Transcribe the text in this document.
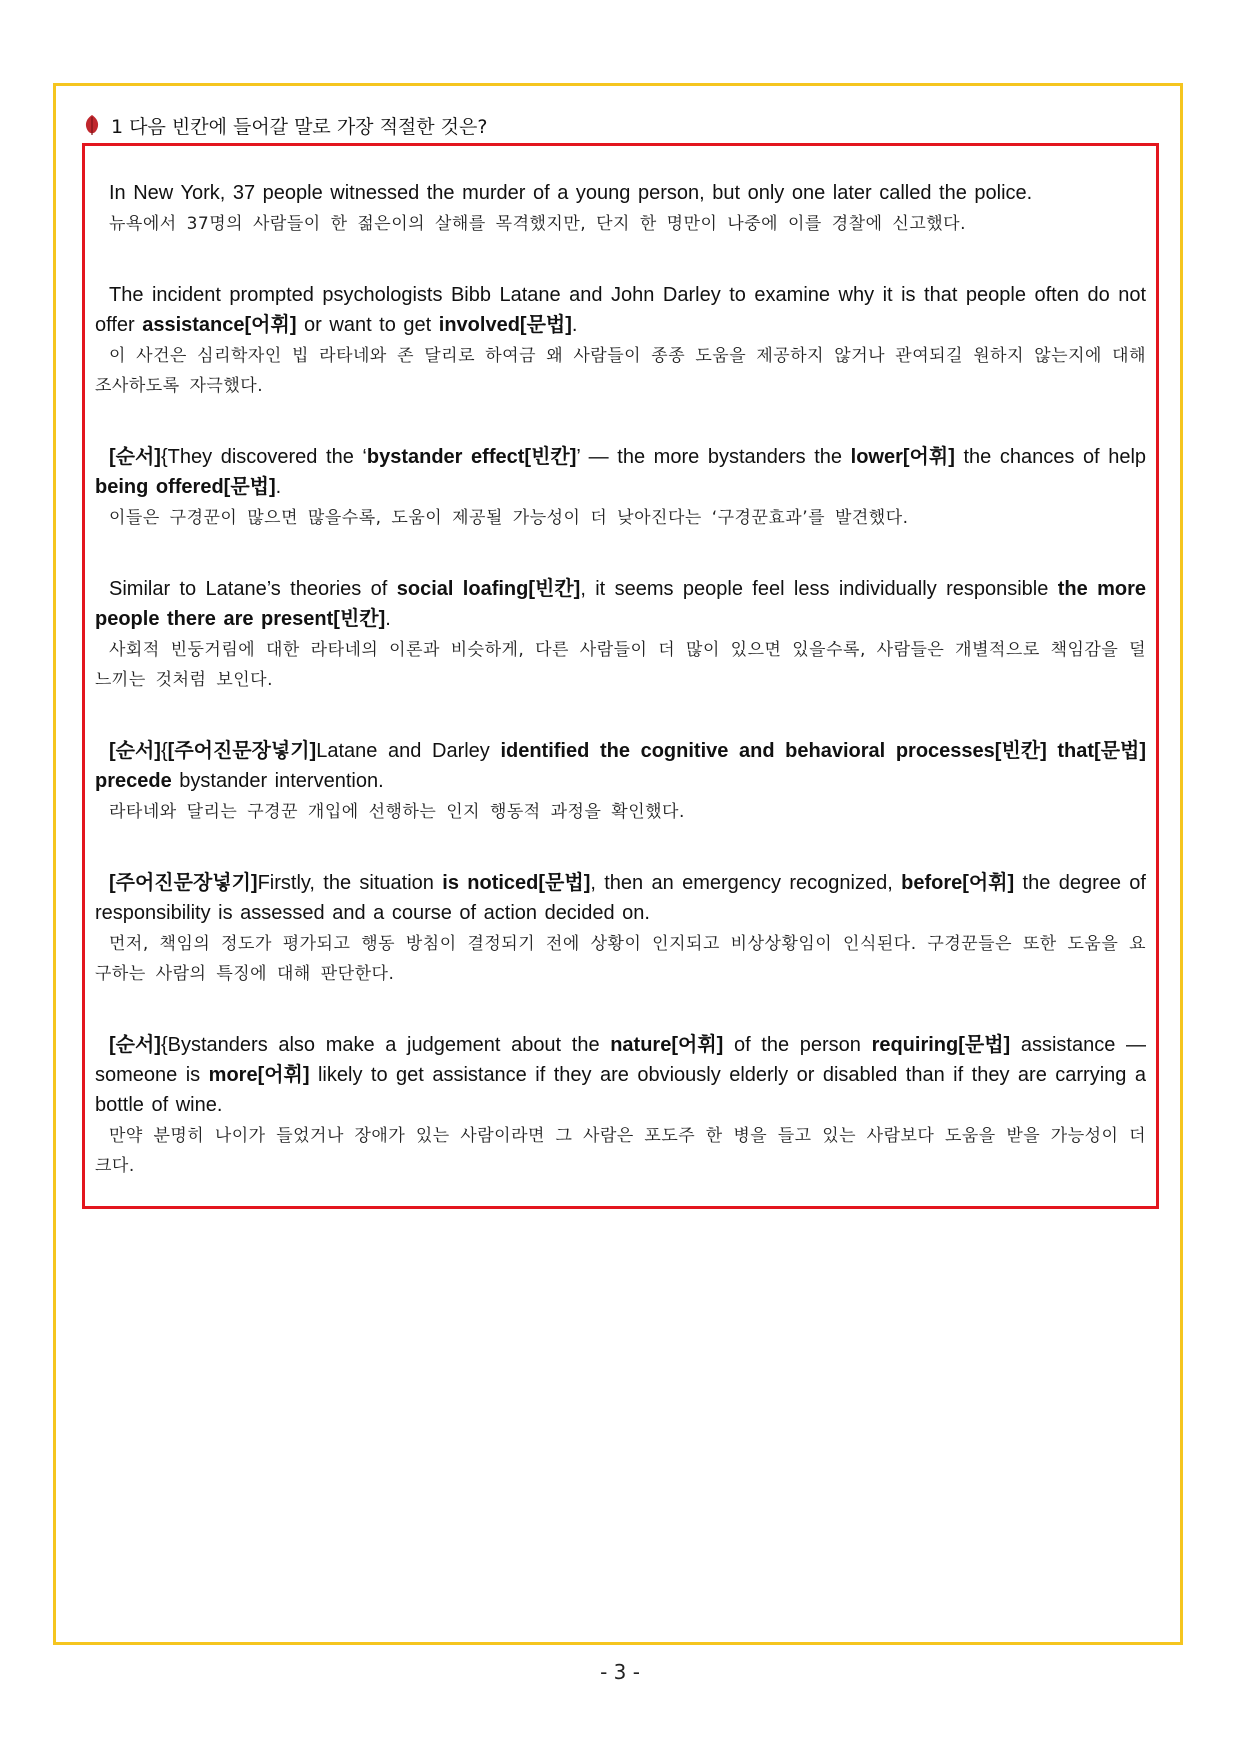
1 다음 빈칸에 들어갈 말로 가장 적절한 것은?
In New York, 37 people witnessed the murder of a young person, but only one later called the police.
뉴욕에서 37명의 사람들이 한 젊은이의 살해를 목격했지만, 단지 한 명만이 나중에 이를 경찰에 신고했다.
The incident prompted psychologists Bibb Latane and John Darley to examine why it is that people often do not offer assistance[어휘] or want to get involved[문법].
이 사건은 심리학자인 빕 라타네와 존 달리로 하여금 왜 사람들이 종종 도움을 제공하지 않거나 관여되길 원하지 않는지에 대해 조사하도록 자극했다.
[순서]{They discovered the ‘bystander effect[빈칸]’ — the more bystanders the lower[어휘] the chances of help being offered[문법].
이들은 구경꾼이 많으면 많을수록, 도움이 제공될 가능성이 더 낮아진다는 ‘구경꾼효과’를 발견했다.
Similar to Latane’s theories of social loafing[빈칸], it seems people feel less individually responsible the more people there are present[빈칸].
사회적 빈둥거림에 대한 라타네의 이론과 비슷하게, 다른 사람들이 더 많이 있으면 있을수록, 사람들은 개별적으로 책임감을 덜 느끼는 것처럼 보인다.
[순서]{[주어진문장넣기]Latane and Darley identified the cognitive and behavioral processes[빈칸] that[문법] precede bystander intervention.
라타네와 달리는 구경꾼 개입에 선행하는 인지 행동적 과정을 확인했다.
[주어진문장넣기]Firstly, the situation is noticed[문법], then an emergency recognized, before[어휘] the degree of responsibility is assessed and a course of action decided on.
먼저, 책임의 정도가 평가되고 행동 방침이 결정되기 전에 상황이 인지되고 비상상황임이 인식된다. 구경꾼들은 또한 도움을 요구하는 사람의 특징에 대해 판단한다.
[순서]{Bystanders also make a judgement about the nature[어휘] of the person requiring[문법] assistance — someone is more[어휘] likely to get assistance if they are obviously elderly or disabled than if they are carrying a bottle of wine.
만약 분명히 나이가 들었거나 장애가 있는 사람이라면 그 사람은 포도주 한 병을 들고 있는 사람보다 도움을 받을 가능성이 더 크다.
- 3 -
